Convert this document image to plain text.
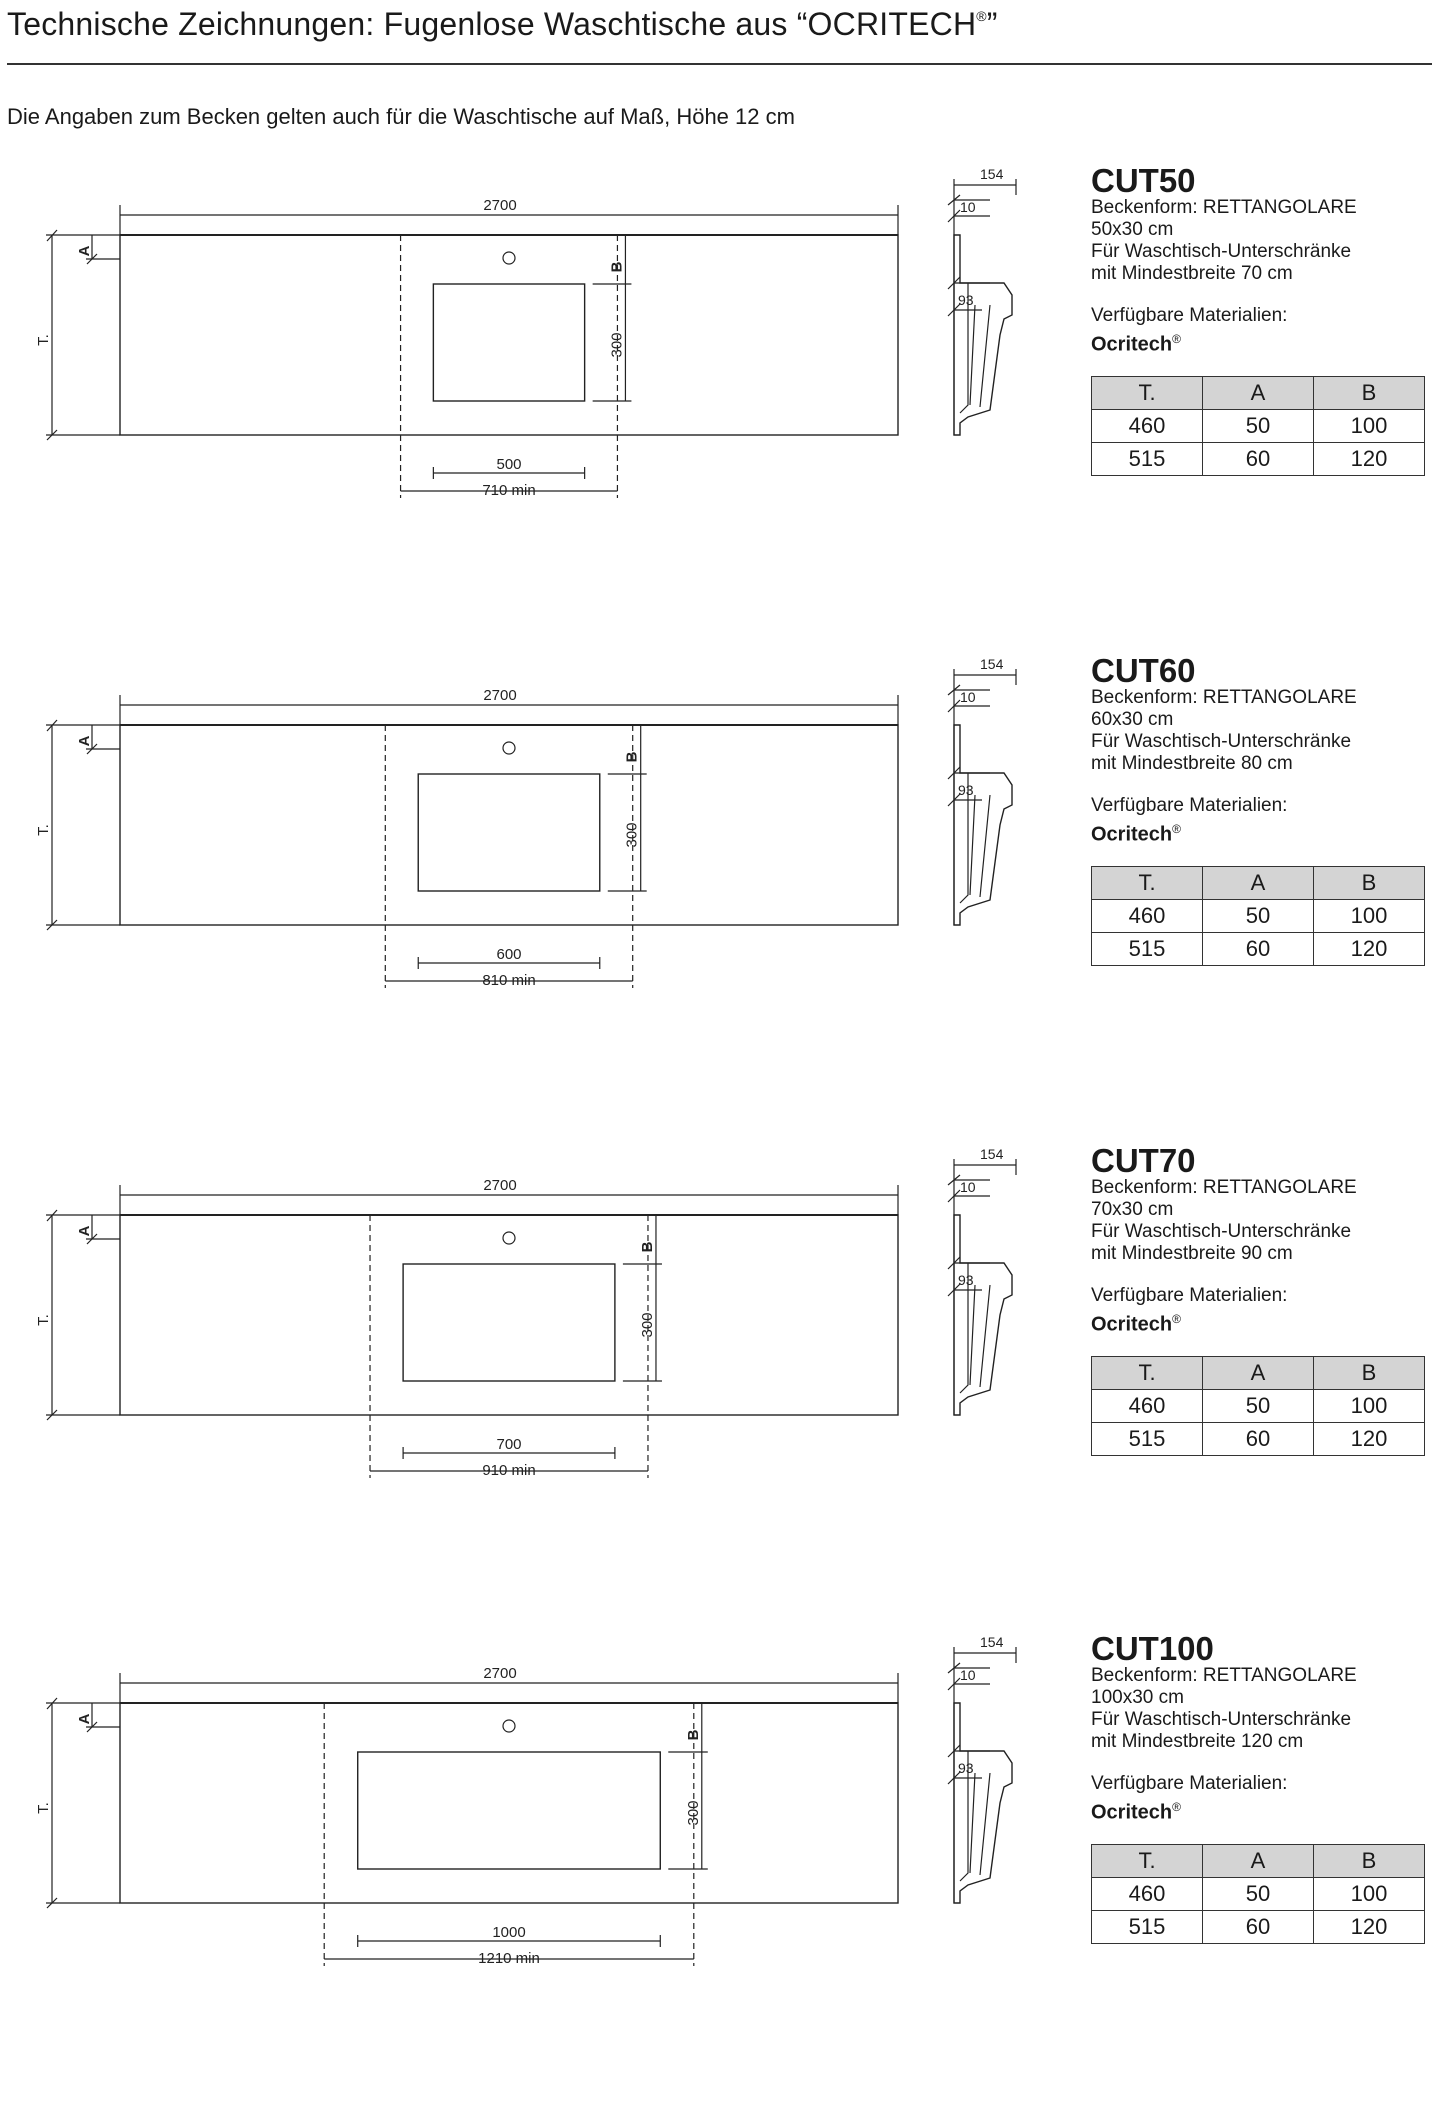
Technische Zeichnungen: Fugenlose Waschtische aus “OCRITECH®”
Die Angaben zum Becken gelten auch für die Waschtische auf Maß, Höhe 12 cm
2700
500
710 min
A
T.
B
300
154
10
93
CUT50
Beckenform: RETTANGOLARE
50x30 cm
Für Waschtisch-Unterschränke
mit Mindestbreite 70 cm
Verfügbare Materialien:
Ocritech®
T.	A	B
460	50	100
515	60	120
2700
600
810 min
A
T.
B
300
154
10
93
CUT60
Beckenform: RETTANGOLARE
60x30 cm
Für Waschtisch-Unterschränke
mit Mindestbreite 80 cm
Verfügbare Materialien:
Ocritech®
T.	A	B
460	50	100
515	60	120
2700
700
910 min
A
T.
B
300
154
10
93
CUT70
Beckenform: RETTANGOLARE
70x30 cm
Für Waschtisch-Unterschränke
mit Mindestbreite 90 cm
Verfügbare Materialien:
Ocritech®
T.	A	B
460	50	100
515	60	120
2700
1000
1210 min
A
T.
B
300
154
10
93
CUT100
Beckenform: RETTANGOLARE
100x30 cm
Für Waschtisch-Unterschränke
mit Mindestbreite 120 cm
Verfügbare Materialien:
Ocritech®
T.	A	B
460	50	100
515	60	120
